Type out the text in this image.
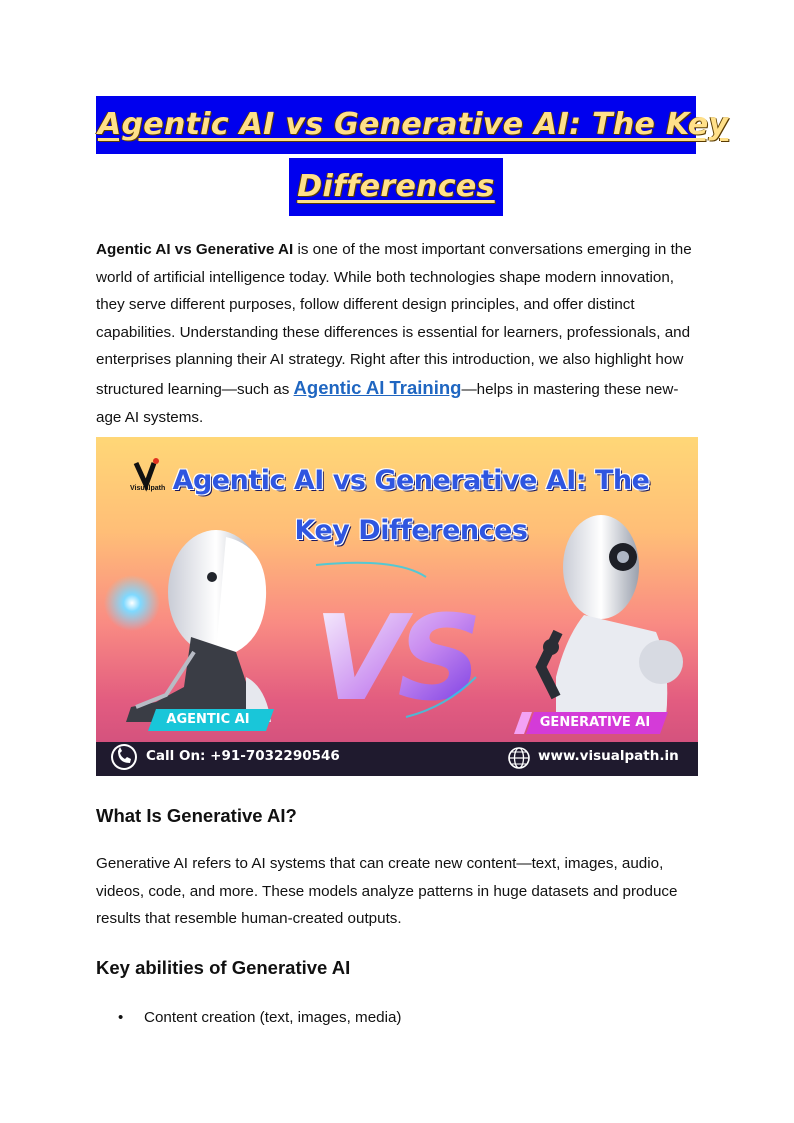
Agentic AI vs Generative AI: The Key
Differences

Agentic AI vs Generative AI is one of the most important conversations emerging in the world of artificial intelligence today. While both technologies shape modern innovation, they serve different purposes, follow different design principles, and offer distinct capabilities. Understanding these differences is essential for learners, professionals, and enterprises planning their AI strategy. Right after this introduction, we also highlight how structured learning—such as Agentic AI Training—helps in mastering these new-age AI systems.

VS
Visualpath Agentic AI vs Generative AI: The
Key Differences
AGENTIC AI	GENERATIVE AI
Call On: +91-7032290546	www.visualpath.in
What Is Generative AI?

Generative AI refers to AI systems that can create new content—text, images, audio, videos, code, and more. These models analyze patterns in huge datasets and produce results that resemble human-created outputs.

Key abilities of Generative AI
• Content creation (text, images, media)
